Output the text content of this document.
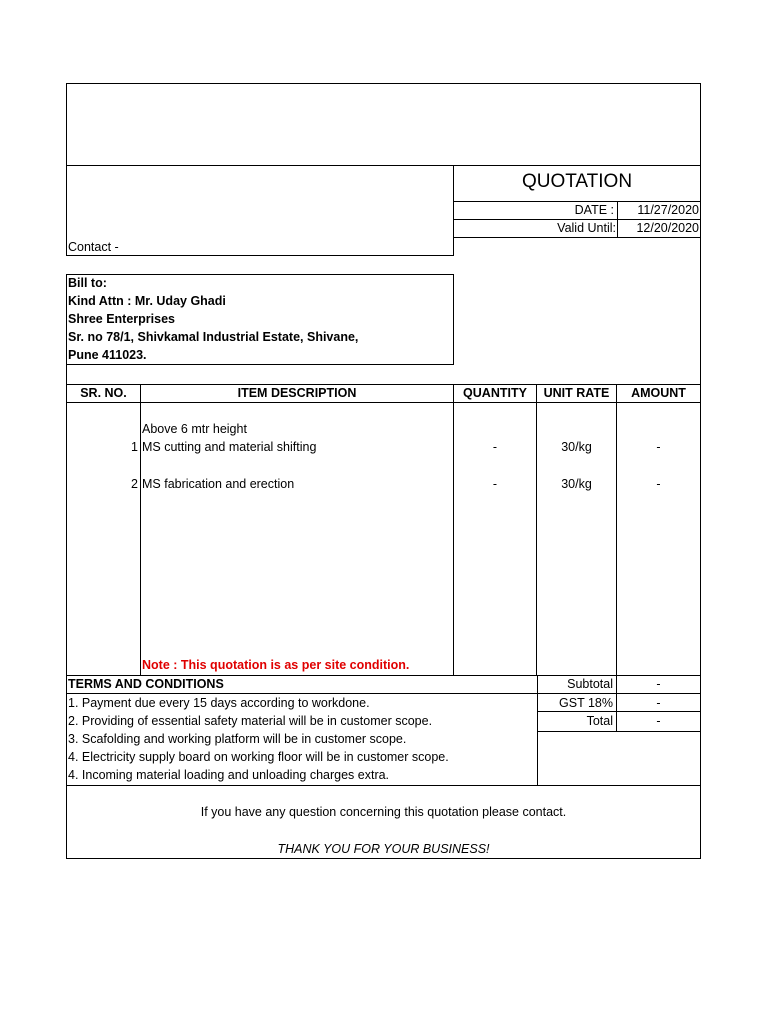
Contact -
QUOTATION
DATE :	11/27/2020
Valid Until:	12/20/2020
Bill to:
Kind Attn : Mr. Uday Ghadi
Shree Enterprises
Sr. no 78/1, Shivkamal Industrial Estate, Shivane,
Pune 411023.
SR. NO.	ITEM DESCRIPTION	QUANTITY	UNIT RATE	AMOUNT
Above 6 mtr height
1 MS cutting and material shifting	-	30/kg	-
2 MS fabrication and erection	-	30/kg	-
Note : This quotation is as per site condition.
TERMS AND CONDITIONS
1. Payment due every 15 days according to workdone.
2. Providing of essential safety material will be in customer scope.
3. Scafolding and working platform will be in customer scope.
4. Electricity supply board on working floor will be in customer scope.
4. Incoming material loading and unloading charges extra.
Subtotal	-
GST 18%	-
Total	-
If you have any question concerning this quotation please contact.
THANK YOU FOR YOUR BUSINESS!
